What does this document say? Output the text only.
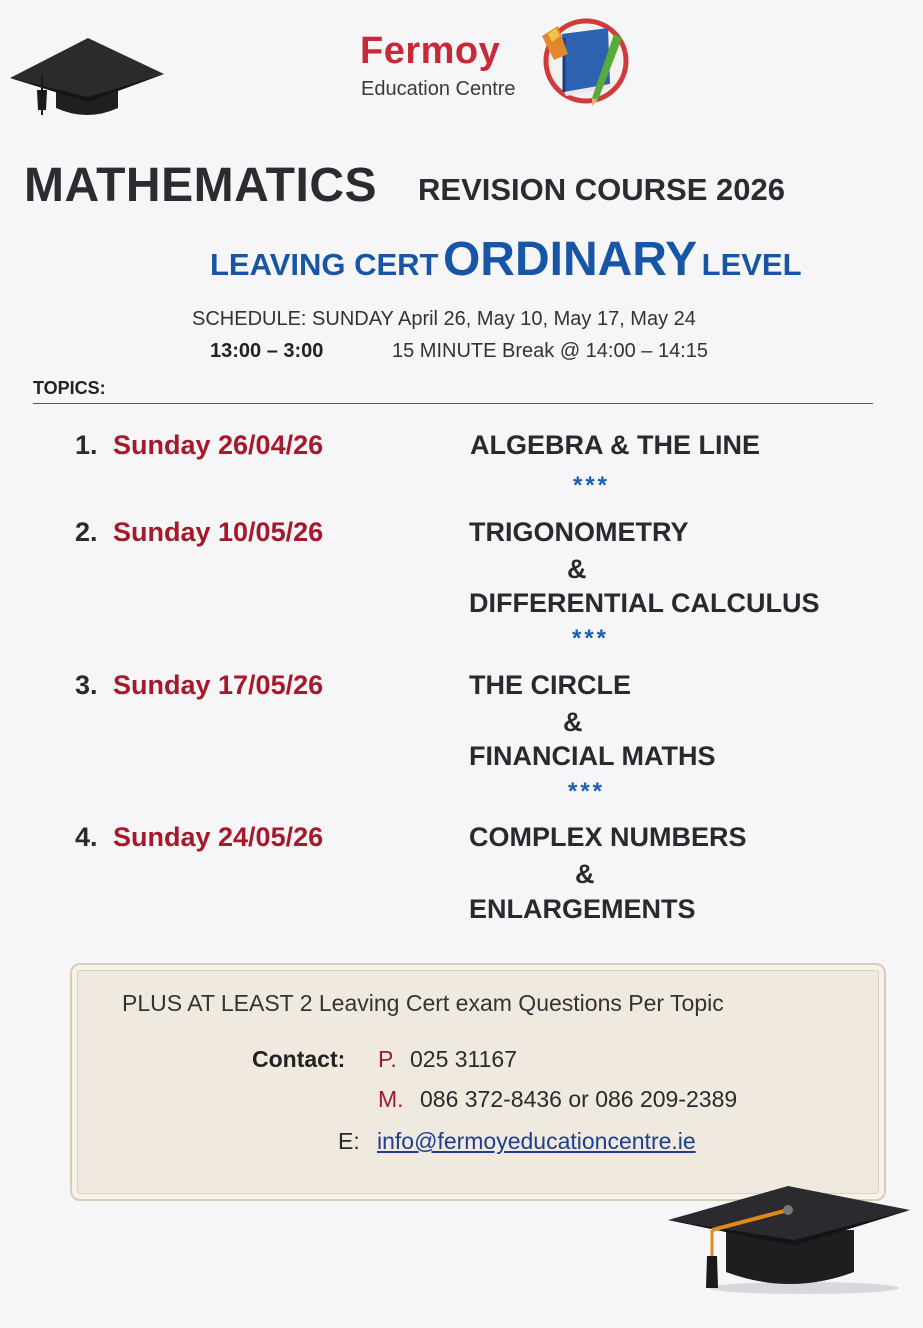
Fermoy
Education Centre
MATHEMATICS REVISION COURSE 2026
LEAVING CERT ORDINARY LEVEL
SCHEDULE: SUNDAY April 26, May 10, May 17, May 24
13:00 – 3:00	15 MINUTE Break @ 14:00 – 14:15
TOPICS:
1. Sunday 26/04/26	ALGEBRA & THE LINE
***
2. Sunday 10/05/26	TRIGONOMETRY
&
DIFFERENTIAL CALCULUS
***
3. Sunday 17/05/26	THE CIRCLE
&
FINANCIAL MATHS
***
4. Sunday 24/05/26	COMPLEX NUMBERS
&
ENLARGEMENTS
PLUS AT LEAST 2 Leaving Cert exam Questions Per Topic
Contact: P. 025 31167
M. 086 372-8436 or 086 209-2389
E: info@fermoyeducationcentre.ie
